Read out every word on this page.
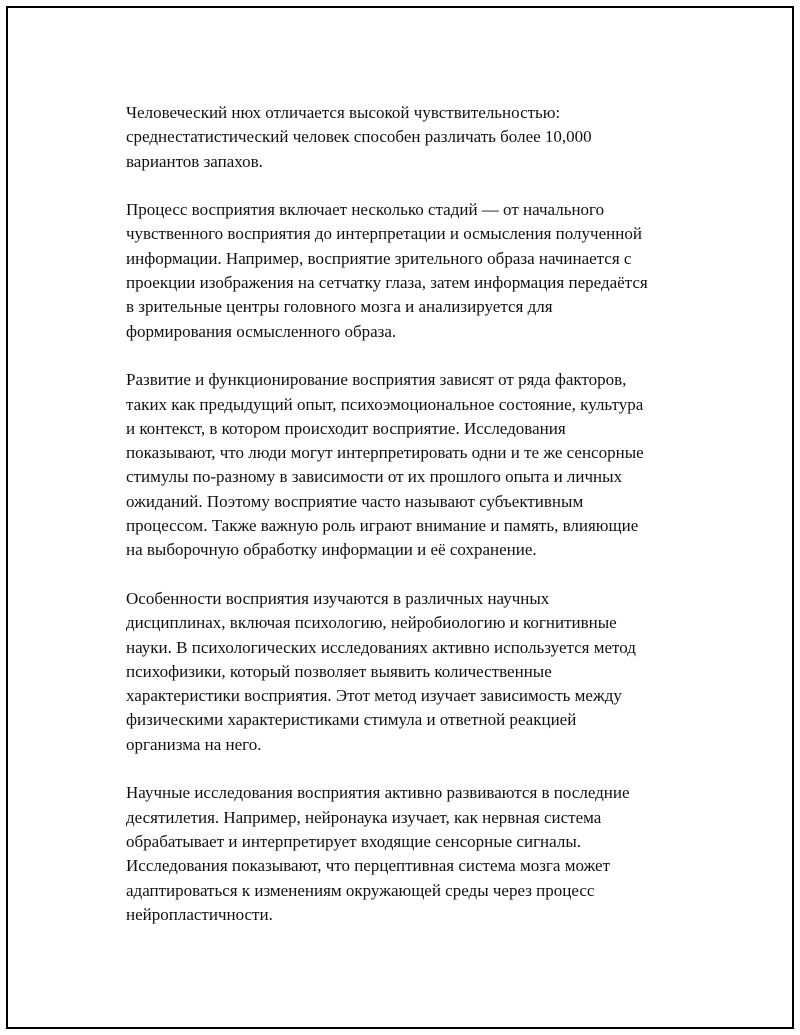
Человеческий нюх отличается высокой чувствительностью:
среднестатистический человек способен различать более 10,000
вариантов запахов.

Процесс восприятия включает несколько стадий — от начального
чувственного восприятия до интерпретации и осмысления полученной
информации. Например, восприятие зрительного образа начинается с
проекции изображения на сетчатку глаза, затем информация передаётся
в зрительные центры головного мозга и анализируется для
формирования осмысленного образа.

Развитие и функционирование восприятия зависят от ряда факторов,
таких как предыдущий опыт, психоэмоциональное состояние, культура
и контекст, в котором происходит восприятие. Исследования
показывают, что люди могут интерпретировать одни и те же сенсорные
стимулы по-разному в зависимости от их прошлого опыта и личных
ожиданий. Поэтому восприятие часто называют субъективным
процессом. Также важную роль играют внимание и память, влияющие
на выборочную обработку информации и её сохранение.

Особенности восприятия изучаются в различных научных
дисциплинах, включая психологию, нейробиологию и когнитивные
науки. В психологических исследованиях активно используется метод
психофизики, который позволяет выявить количественные
характеристики восприятия. Этот метод изучает зависимость между
физическими характеристиками стимула и ответной реакцией
организма на него.

Научные исследования восприятия активно развиваются в последние
десятилетия. Например, нейронаука изучает, как нервная система
обрабатывает и интерпретирует входящие сенсорные сигналы.
Исследования показывают, что перцептивная система мозга может
адаптироваться к изменениям окружающей среды через процесс
нейропластичности.
